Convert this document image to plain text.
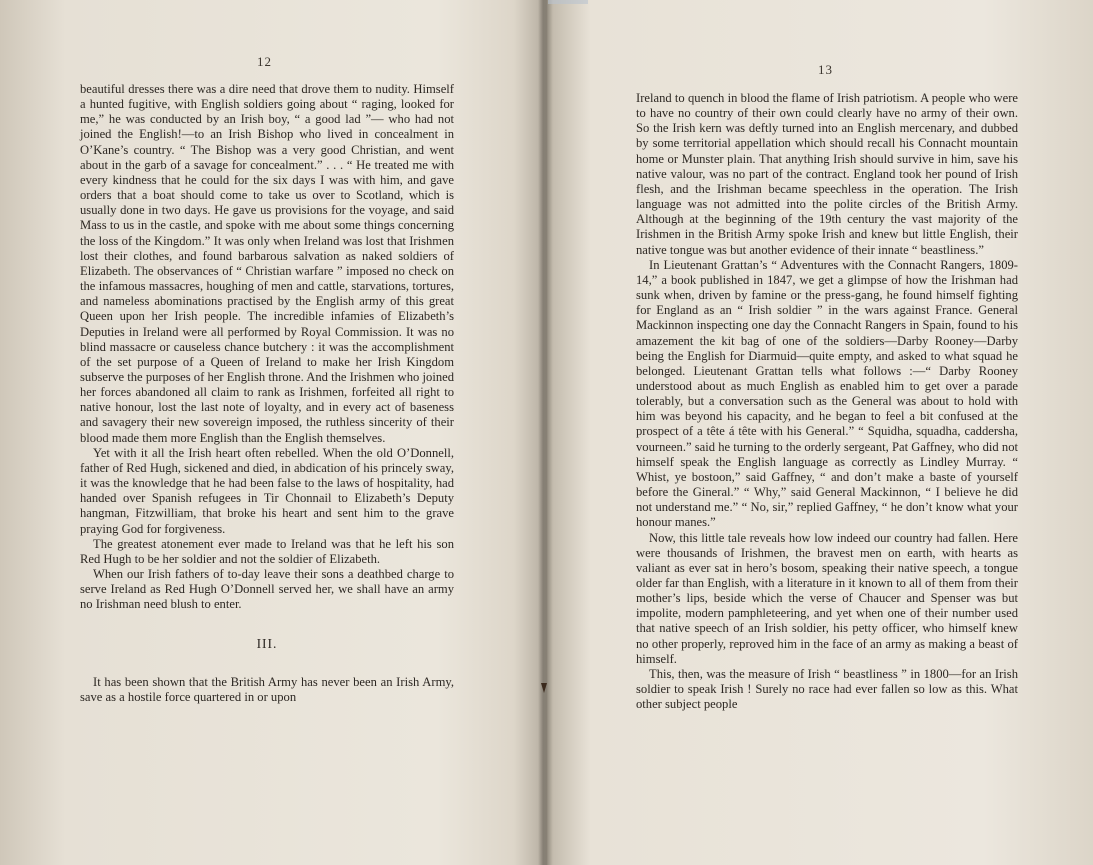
12

beautiful dresses there was a dire need that drove them to nudity. Himself a hunted fugitive, with English soldiers going about “ raging, looked for me,” he was conducted by an Irish boy, “ a good lad ”— who had not joined the English!—to an Irish Bishop who lived in concealment in O’Kane’s country. “ The Bishop was a very good Christian, and went about in the garb of a savage for concealment.” . . . “ He treated me with every kindness that he could for the six days I was with him, and gave orders that a boat should come to take us over to Scotland, which is usually done in two days. He gave us provisions for the voyage, and said Mass to us in the castle, and spoke with me about some things concerning the loss of the Kingdom.” It was only when Ireland was lost that Irishmen lost their clothes, and found barbarous salvation as naked soldiers of Elizabeth. The observances of “ Christian warfare ” imposed no check on the infamous massacres, houghing of men and cattle, starvations, tortures, and nameless abominations practised by the English army of this great Queen upon her Irish people. The incredible infamies of Elizabeth’s Deputies in Ireland were all performed by Royal Commission. It was no blind massacre or causeless chance butchery : it was the accomplishment of the set purpose of a Queen of Ireland to make her Irish Kingdom subserve the purposes of her English throne. And the Irishmen who joined her forces abandoned all claim to rank as Irishmen, forfeited all right to native honour, lost the last note of loyalty, and in every act of baseness and savagery their new sovereign imposed, the ruthless sincerity of their blood made them more English than the English themselves.

Yet with it all the Irish heart often rebelled. When the old O’Donnell, father of Red Hugh, sickened and died, in abdication of his princely sway, it was the knowledge that he had been false to the laws of hospitality, had handed over Spanish refugees in Tir Chonnail to Elizabeth’s Deputy hangman, Fitzwilliam, that broke his heart and sent him to the grave praying God for forgiveness.

The greatest atonement ever made to Ireland was that he left his son Red Hugh to be her soldier and not the soldier of Elizabeth.

When our Irish fathers of to-day leave their sons a deathbed charge to serve Ireland as Red Hugh O’Donnell served her, we shall have an army no Irishman need blush to enter.

III.

It has been shown that the British Army has never been an Irish Army, save as a hostile force quartered in or upon

13

Ireland to quench in blood the flame of Irish patriotism. A people who were to have no country of their own could clearly have no army of their own. So the Irish kern was deftly turned into an English mercenary, and dubbed by some territorial appellation which should recall his Connacht mountain home or Munster plain. That anything Irish should survive in him, save his native valour, was no part of the contract. England took her pound of Irish flesh, and the Irishman became speechless in the operation. The Irish language was not admitted into the polite circles of the British Army. Although at the beginning of the 19th century the vast majority of the Irishmen in the British Army spoke Irish and knew but little English, their native tongue was but another evidence of their innate “ beastliness.”

In Lieutenant Grattan’s “ Adventures with the Connacht Rangers, 1809-14,” a book published in 1847, we get a glimpse of how the Irishman had sunk when, driven by famine or the press-gang, he found himself fighting for England as an “ Irish soldier ” in the wars against France. General Mackinnon inspecting one day the Connacht Rangers in Spain, found to his amazement the kit bag of one of the soldiers—Darby Rooney—Darby being the English for Diarmuid—quite empty, and asked to what squad he belonged. Lieutenant Grattan tells what follows :—“ Darby Rooney understood about as much English as enabled him to get over a parade tolerably, but a conversation such as the General was about to hold with him was beyond his capacity, and he began to feel a bit confused at the prospect of a tête á tête with his General.” “ Squidha, squadha, caddersha, vourneen.” said he turning to the orderly sergeant, Pat Gaffney, who did not himself speak the English language as correctly as Lindley Murray. “ Whist, ye bostoon,” said Gaffney, “ and don’t make a baste of yourself before the Gineral.” “ Why,” said General Mackinnon, “ I believe he did not understand me.” “ No, sir,” replied Gaffney, “ he don’t know what your honour manes.”

Now, this little tale reveals how low indeed our country had fallen. Here were thousands of Irishmen, the bravest men on earth, with hearts as valiant as ever sat in hero’s bosom, speaking their native speech, a tongue older far than English, with a literature in it known to all of them from their mother’s lips, beside which the verse of Chaucer and Spenser was but impolite, modern pamphleteering, and yet when one of their number used that native speech of an Irish soldier, his petty officer, who himself knew no other properly, reproved him in the face of an army as making a beast of himself.

This, then, was the measure of Irish “ beastliness ” in 1800—for an Irish soldier to speak Irish ! Surely no race had ever fallen so low as this. What other subject people
